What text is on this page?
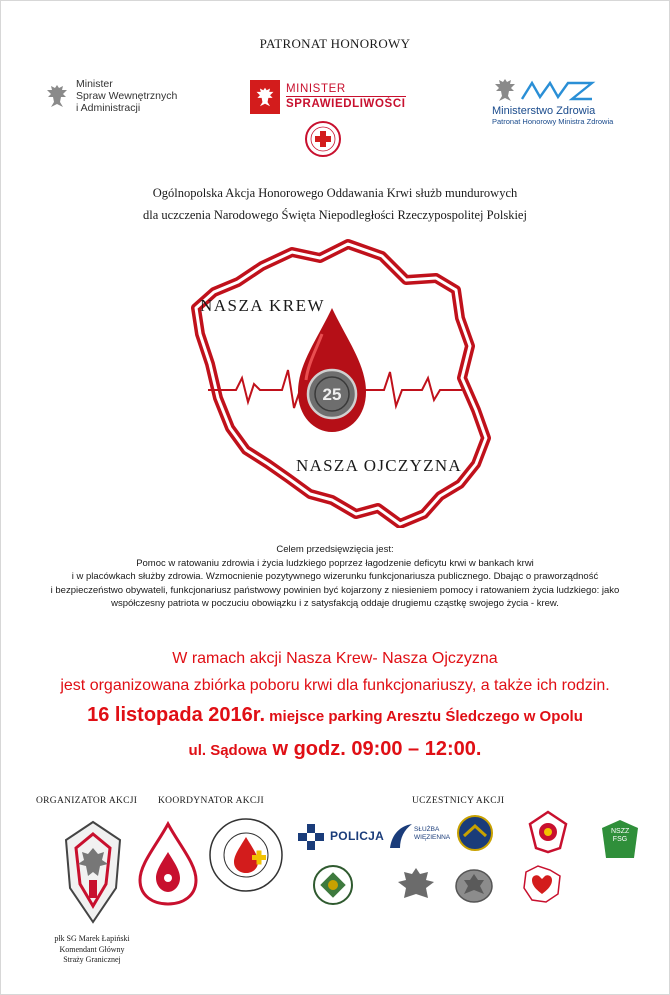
PATRONAT HONOROWY
Minister
Spraw Wewnętrznych
i Administracji
MINISTER
SPRAWIEDLIWOŚCI
Ministerstwo Zdrowia
Patronat Honorowy Ministra Zdrowia
Ogólnopolska Akcja Honorowego Oddawania Krwi służb mundurowych
dla uczczenia Narodowego Święta Niepodległości Rzeczypospolitej Polskiej
25
NASZA KREW
NASZA OJCZYZNA
Celem przedsięwzięcia jest:
Pomoc w ratowaniu zdrowia i życia ludzkiego poprzez łagodzenie deficytu krwi w bankach krwi
i w placówkach służby zdrowia. Wzmocnienie pozytywnego wizerunku funkcjonariusza publicznego. Dbając o praworządność
i bezpieczeństwo obywateli, funkcjonariusz państwowy powinien być kojarzony z niesieniem pomocy i ratowaniem życia ludzkiego: jako
współczesny patriota w poczuciu obowiązku i z satysfakcją oddaje drugiemu cząstkę swojego życia - krew.
W ramach akcji Nasza Krew- Nasza Ojczyzna
jest organizowana zbiórka poboru krwi dla funkcjonariuszy, a także ich rodzin.
16 listopada 2016r. miejsce parking Aresztu Śledczego w Opolu
ul. Sądowa w godz. 09:00 – 12:00.
ORGANIZATOR AKCJI KOORDYNATOR AKCJI	UCZESTNICY AKCJI
płk SG Marek Łapiński
Komendant Główny
Straży Granicznej
POLICJA	SŁUŻBA
WIĘZIENNA
NSZZ
FSG
